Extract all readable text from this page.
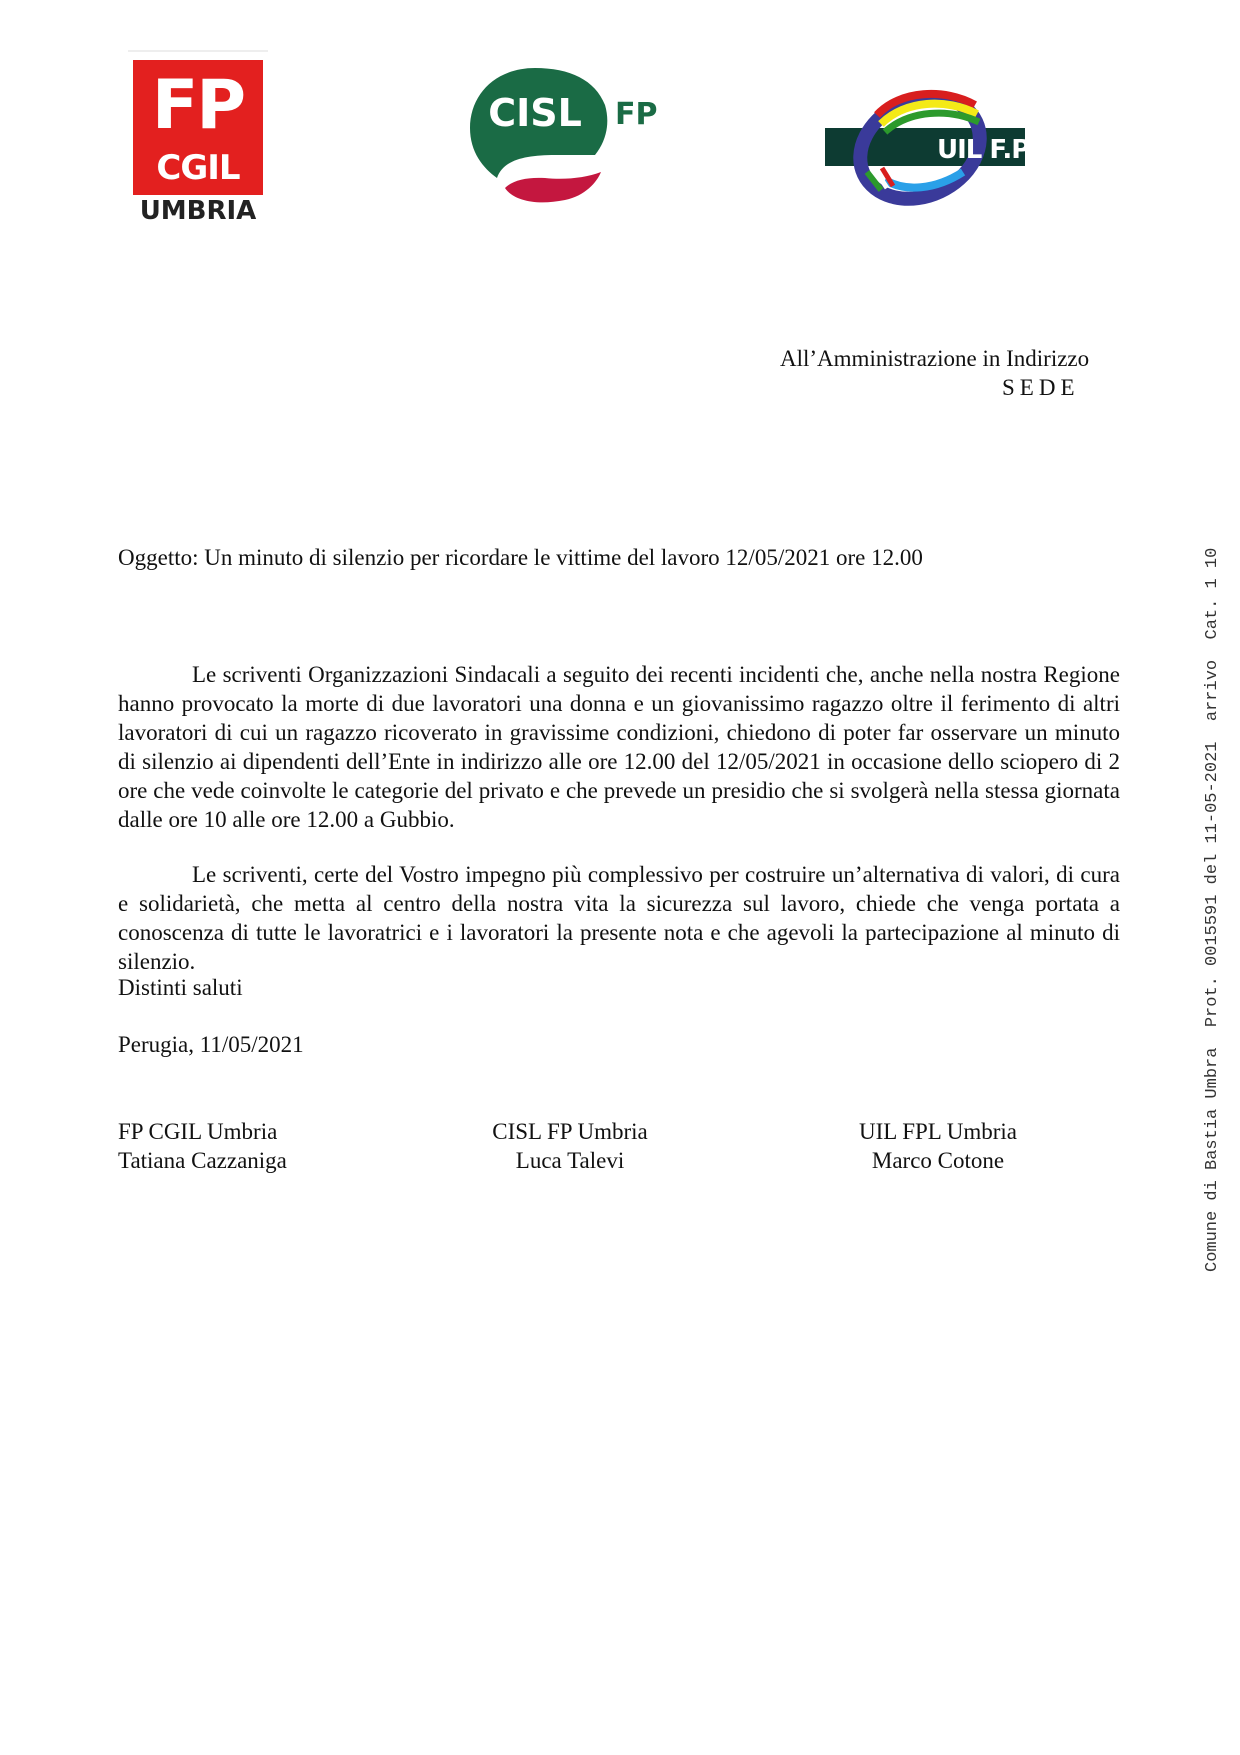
FP
CGIL
UMBRIA
CISL FP
UIL F.P.L.
All’Amministrazione in Indirizzo
SEDE
Oggetto: Un minuto di silenzio per ricordare le vittime del lavoro 12/05/2021 ore 12.00
Le scriventi Organizzazioni Sindacali a seguito dei recenti incidenti che, anche nella nostra Regione hanno provocato la morte di due lavoratori una donna e un giovanissimo ragazzo oltre il ferimento di altri lavoratori di cui un ragazzo ricoverato in gravissime condizioni, chiedono di poter far osservare un minuto di silenzio ai dipendenti dell’Ente in indirizzo alle ore 12.00 del 12/05/2021 in occasione dello sciopero di 2 ore che vede coinvolte le categorie del privato e che prevede un presidio che si svolgerà nella stessa giornata dalle ore 10 alle ore 12.00 a Gubbio.
Le scriventi, certe del Vostro impegno più complessivo per costruire un’alternativa di valori, di cura e solidarietà, che metta al centro della nostra vita la sicurezza sul lavoro, chiede che venga portata a conoscenza di tutte le lavoratrici e i lavoratori la presente nota e che agevoli la partecipazione al minuto di silenzio.
Distinti saluti
Perugia, 11/05/2021
FP CGIL Umbria
Tatiana Cazzaniga
CISL FP Umbria
Luca Talevi
UIL FPL Umbria
Marco Cotone	Comune di Bastia Umbra  Prot. 0015591 del 11-05-2021  arrivo  Cat. 1 10
